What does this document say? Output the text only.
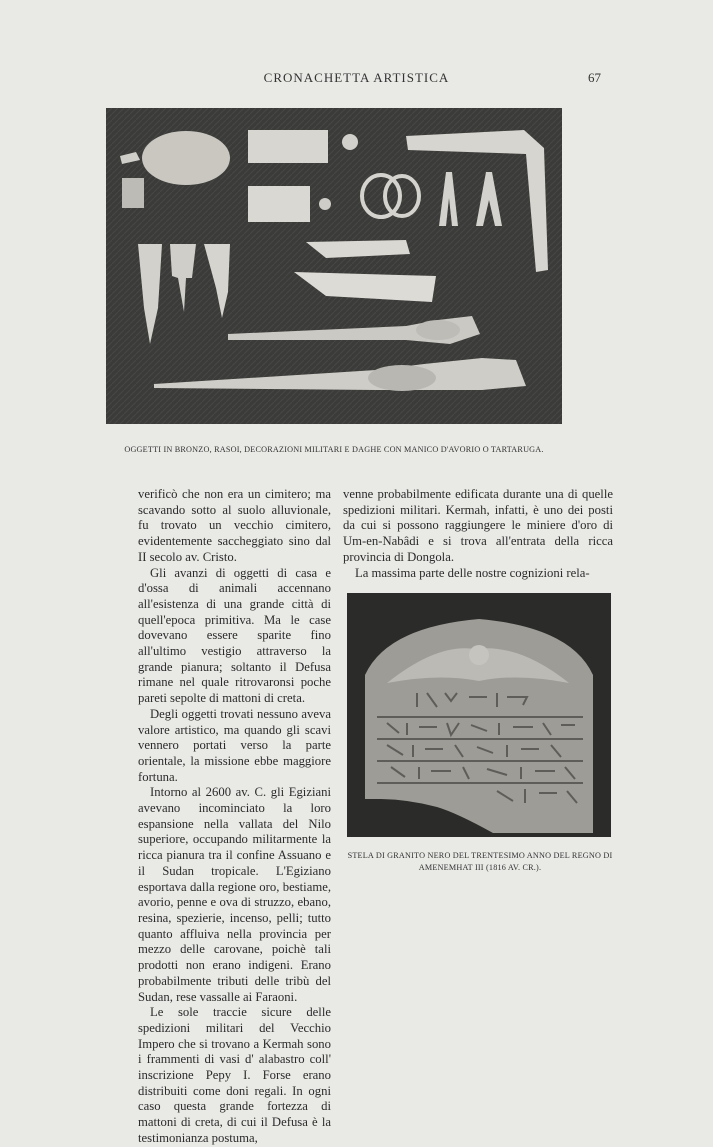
CRONACHETTA ARTISTICA	67
OGGETTI IN BRONZO, RASOI, DECORAZIONI MILITARI E DAGHE CON MANICO D'AVORIO O TARTARUGA.

verificò che non era un cimitero; ma scavando sotto al suolo alluvionale, fu trovato un vecchio cimitero, evidentemente saccheggiato sino dal II secolo av. Cristo.

Gli avanzi di oggetti di casa e d'ossa di animali accennano all'esistenza di una grande città di quell'epoca primitiva. Ma le case dovevano essere sparite fino all'ultimo vestigio attraverso la grande pianura; soltanto il Defusa rimane nel quale ritrovaronsi poche pareti sepolte di mattoni di creta.

Degli oggetti trovati nessuno aveva valore artistico, ma quando gli scavi vennero portati verso la parte orientale, la missione ebbe maggiore fortuna.

Intorno al 2600 av. C. gli Egiziani avevano incominciato la loro espansione nella vallata del Nilo superiore, occupando militarmente la ricca pianura tra il confine Assuano e il Sudan tropicale. L'Egiziano esportava dalla regione oro, bestiame, avorio, penne e ova di struzzo, ebano, resina, spezierie, incenso, pelli; tutto quanto affluiva nella provincia per mezzo delle carovane, poichè tali prodotti non erano indigeni. Erano probabilmente tributi delle tribù del Sudan, rese vassalle ai Faraoni.

Le sole traccie sicure delle spedizioni militari del Vecchio Impero che si trovano a Kermah sono i frammenti di vasi d' alabastro coll' inscrizione Pepy I. Forse erano distribuiti come doni regali. In ogni caso questa grande fortezza di mattoni di creta, di cui il Defusa è la testimonianza postuma,

venne probabilmente edificata durante una di quelle spedizioni militari. Kermah, infatti, è uno dei posti da cui si possono raggiungere le miniere d'oro di Um-en-Nabâdi e si trova all'entrata della ricca provincia di Dongola.

La massima parte delle nostre cognizioni rela-

STELA DI GRANITO NERO DEL TRENTESIMO ANNO DEL REGNO DI AMENEMHAT III (1816 AV. CR.).
